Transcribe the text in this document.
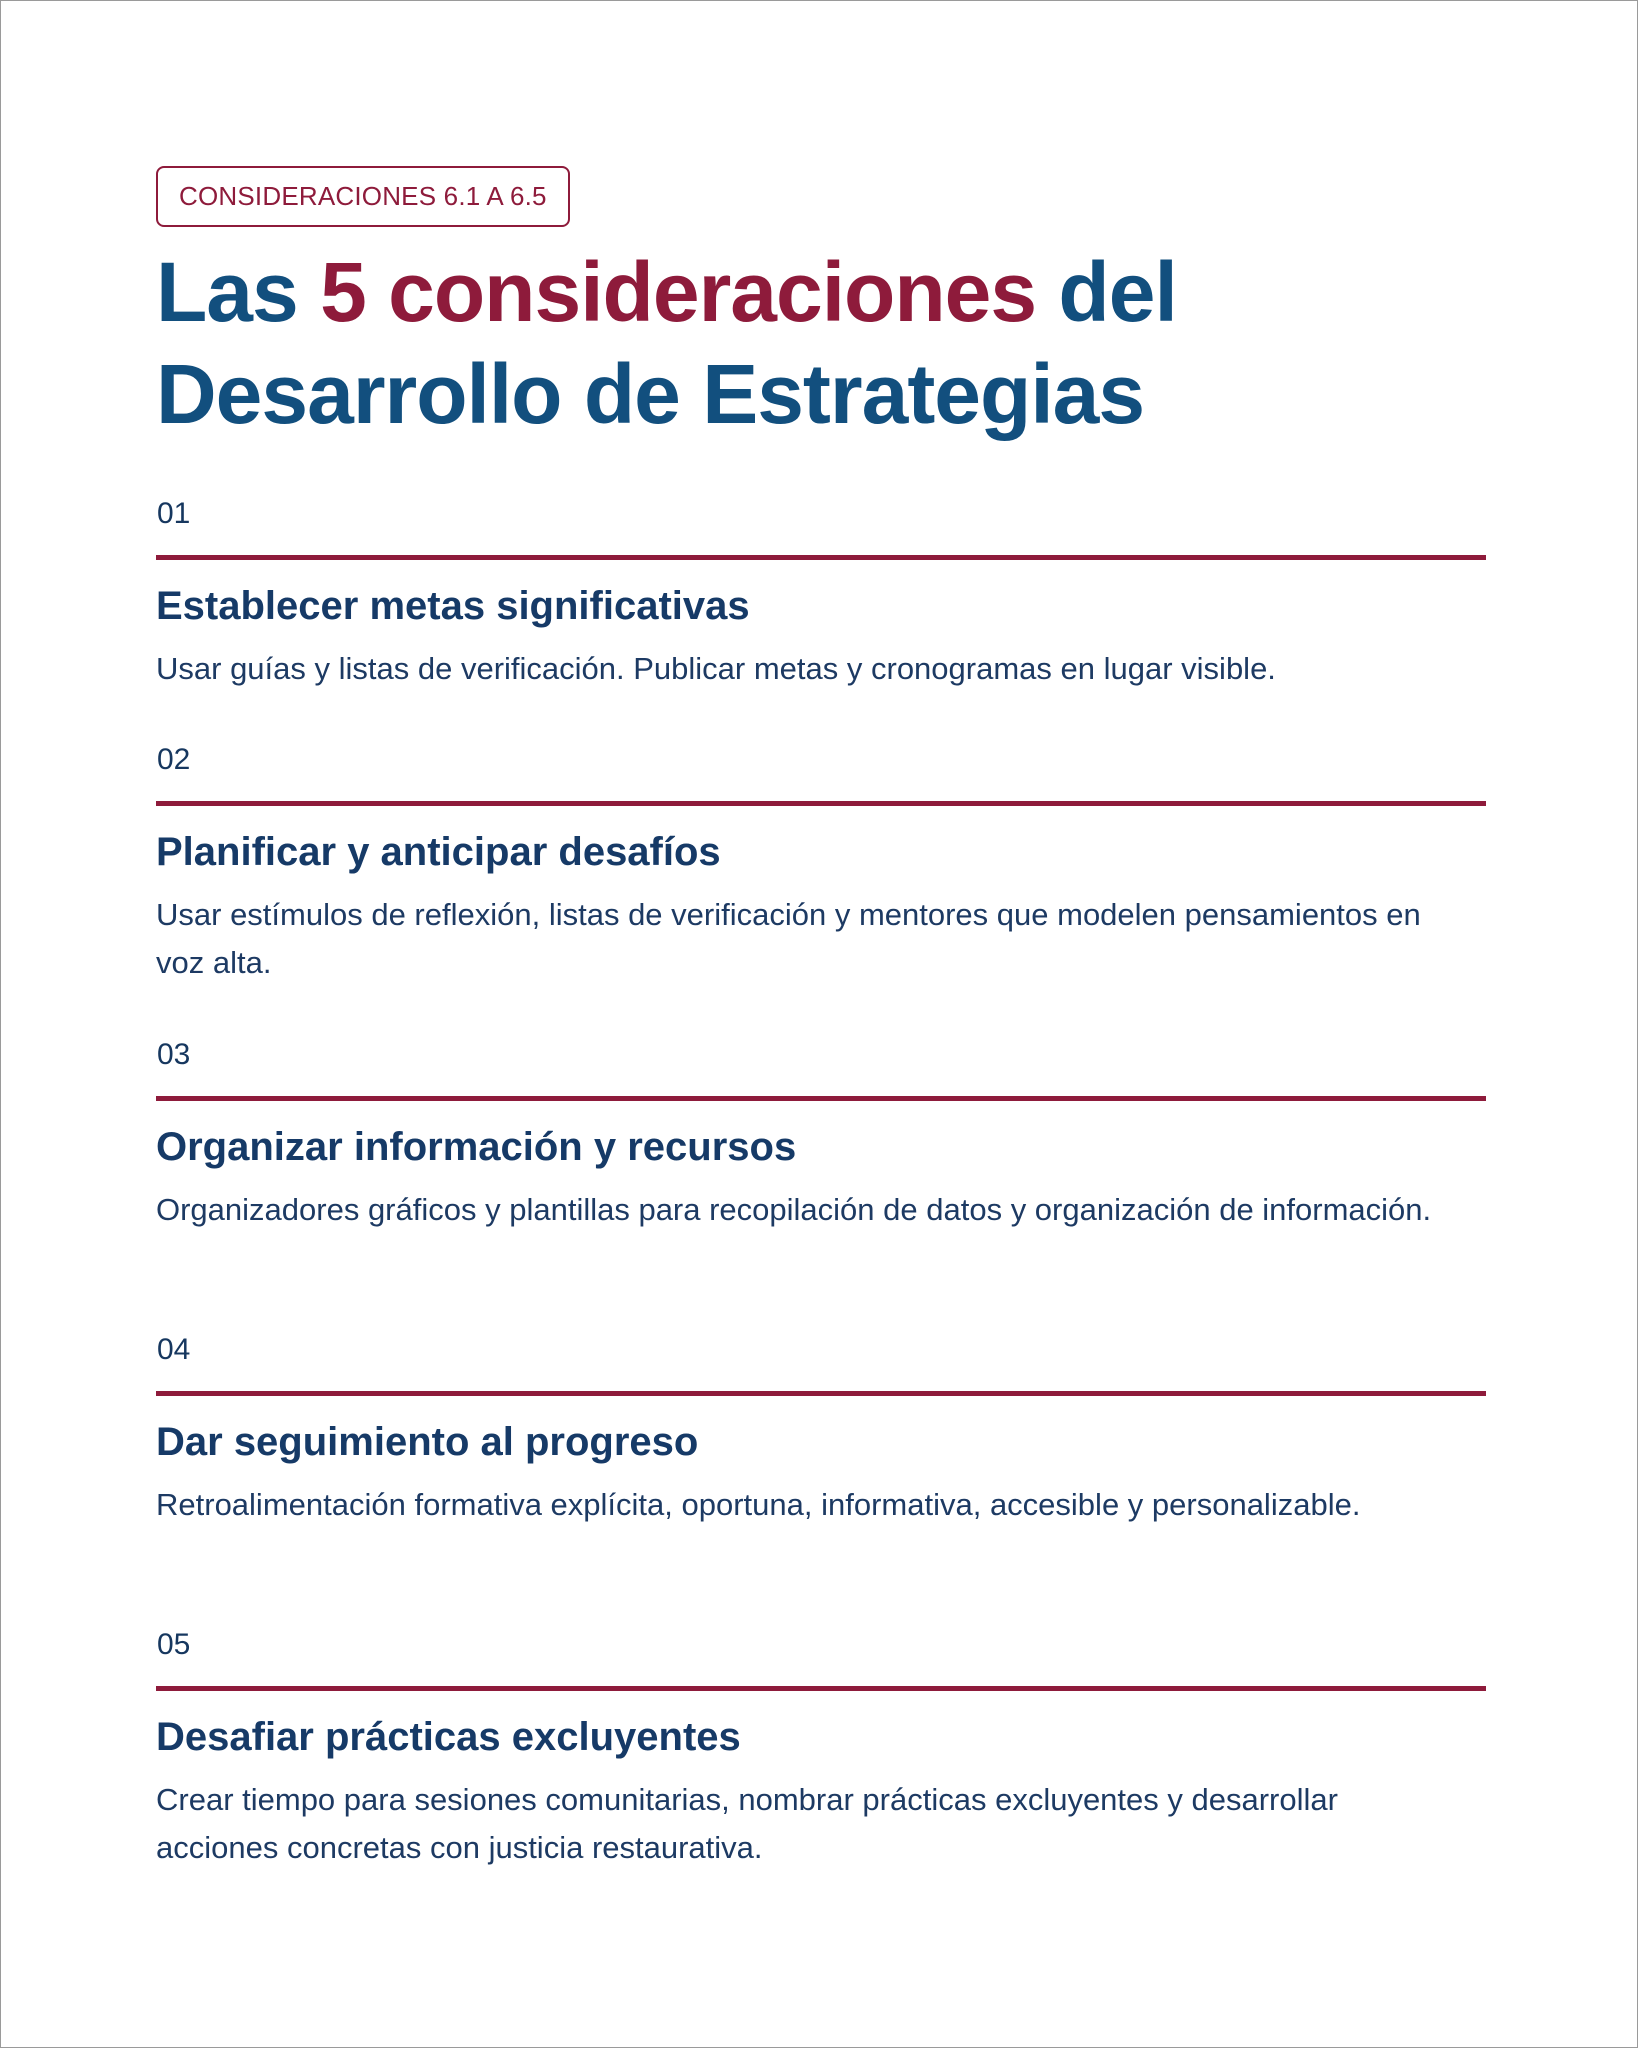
CONSIDERACIONES 6.1 A 6.5
Las 5 consideraciones del Desarrollo de Estrategias
01
Establecer metas significativas

Usar guías y listas de verificación. Publicar metas y cronogramas en lugar visible.

02
Planificar y anticipar desafíos

Usar estímulos de reflexión, listas de verificación y mentores que modelen pensamientos en voz alta.

03
Organizar información y recursos

Organizadores gráficos y plantillas para recopilación de datos y organización de información.

04
Dar seguimiento al progreso

Retroalimentación formativa explícita, oportuna, informativa, accesible y personalizable.

05
Desafiar prácticas excluyentes

Crear tiempo para sesiones comunitarias, nombrar prácticas excluyentes y desarrollar acciones concretas con justicia restaurativa.
